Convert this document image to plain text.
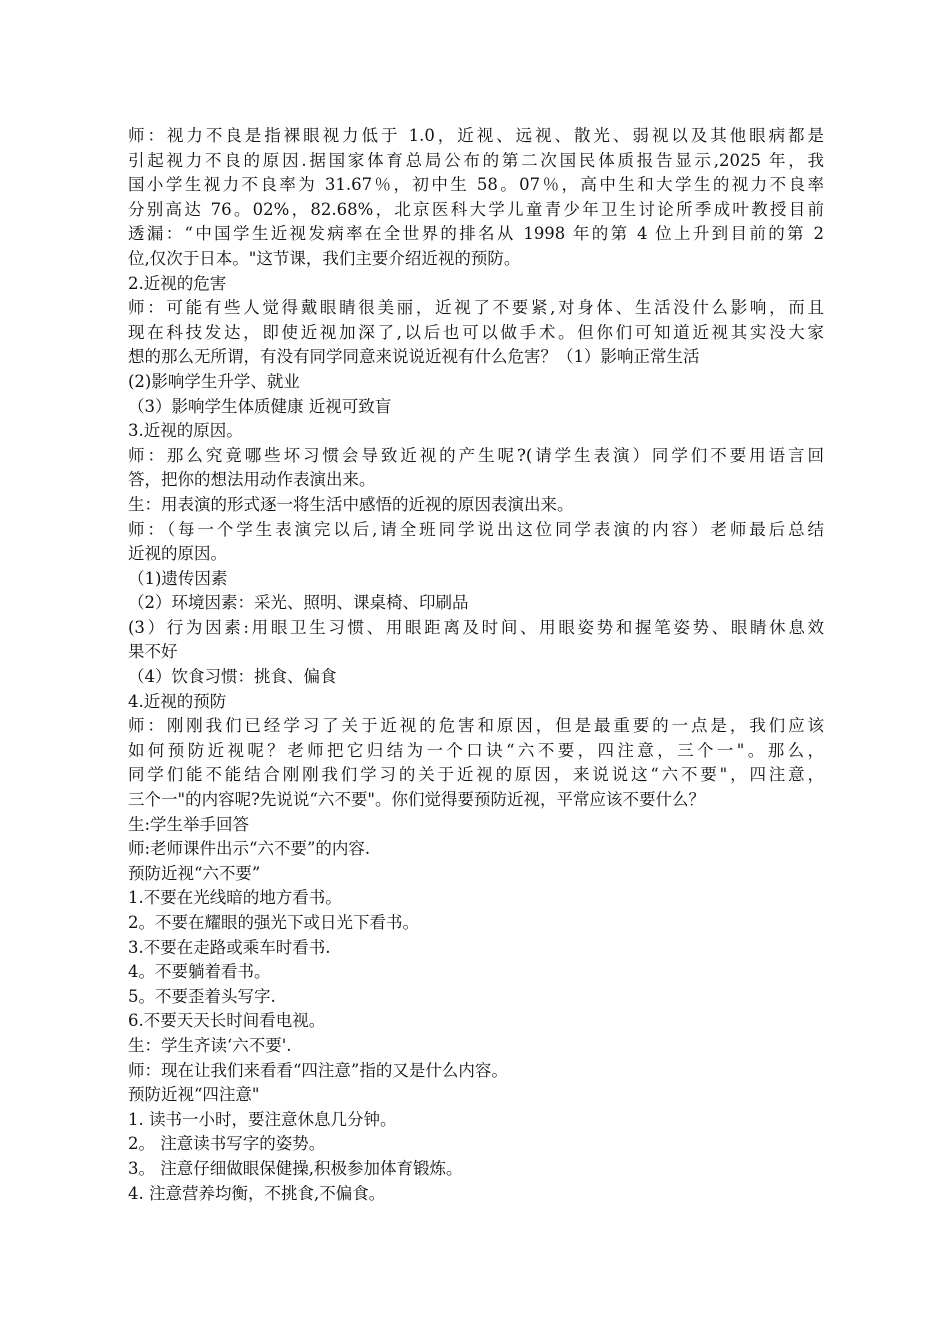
师：视力不良是指裸眼视力低于 1.0，近视、远视、散光、弱视以及其他眼病都是
引起视力不良的原因.据国家体育总局公布的第二次国民体质报告显示,2025 年，我
国小学生视力不良率为 31.67％，初中生 58。07％，高中生和大学生的视力不良率
分别高达 76。02%，82.68%，北京医科大学儿童青少年卫生讨论所季成叶教授目前
透漏：“中国学生近视发病率在全世界的排名从 1998 年的第 4 位上升到目前的第 2
位,仅次于日本。"这节课，我们主要介绍近视的预防。
2.近视的危害
师：可能有些人觉得戴眼睛很美丽，近视了不要紧,对身体、生活没什么影响，而且
现在科技发达，即使近视加深了,以后也可以做手术。但你们可知道近视其实没大家
想的那么无所谓，有没有同学同意来说说近视有什么危害？（1）影响正常生活
(2)影响学生升学、就业
（3）影响学生体质健康 近视可致盲
3.近视的原因。
师：那么究竟哪些坏习惯会导致近视的产生呢?(请学生表演）同学们不要用语言回
答，把你的想法用动作表演出来。
生：用表演的形式逐一将生活中感悟的近视的原因表演出来。
师：（每一个学生表演完以后,请全班同学说出这位同学表演的内容）老师最后总结
近视的原因。
（1)遗传因素
（2）环境因素：采光、照明、课桌椅、印刷品
(3）行为因素:用眼卫生习惯、用眼距离及时间、用眼姿势和握笔姿势、眼睛休息效
果不好
（4）饮食习惯：挑食、偏食
4.近视的预防
师：刚刚我们已经学习了关于近视的危害和原因，但是最重要的一点是，我们应该
如何预防近视呢？老师把它归结为一个口诀“六不要，四注意，三个一"。那么，
同学们能不能结合刚刚我们学习的关于近视的原因，来说说这“六不要"，四注意，
三个一"的内容呢?先说说“六不要"。你们觉得要预防近视，平常应该不要什么？
生:学生举手回答
师:老师课件出示“六不要”的内容.
预防近视“六不要”
1.不要在光线暗的地方看书。
2。不要在耀眼的强光下或日光下看书。
3.不要在走路或乘车时看书.
4。不要躺着看书。
5。不要歪着头写字.
6.不要天天长时间看电视。
生：学生齐读‘六不要'.
师：现在让我们来看看“四注意”指的又是什么内容。
预防近视“四注意"
1. 读书一小时，要注意休息几分钟。
2。 注意读书写字的姿势。
3。 注意仔细做眼保健操,积极参加体育锻炼。
4. 注意营养均衡，不挑食,不偏食。
